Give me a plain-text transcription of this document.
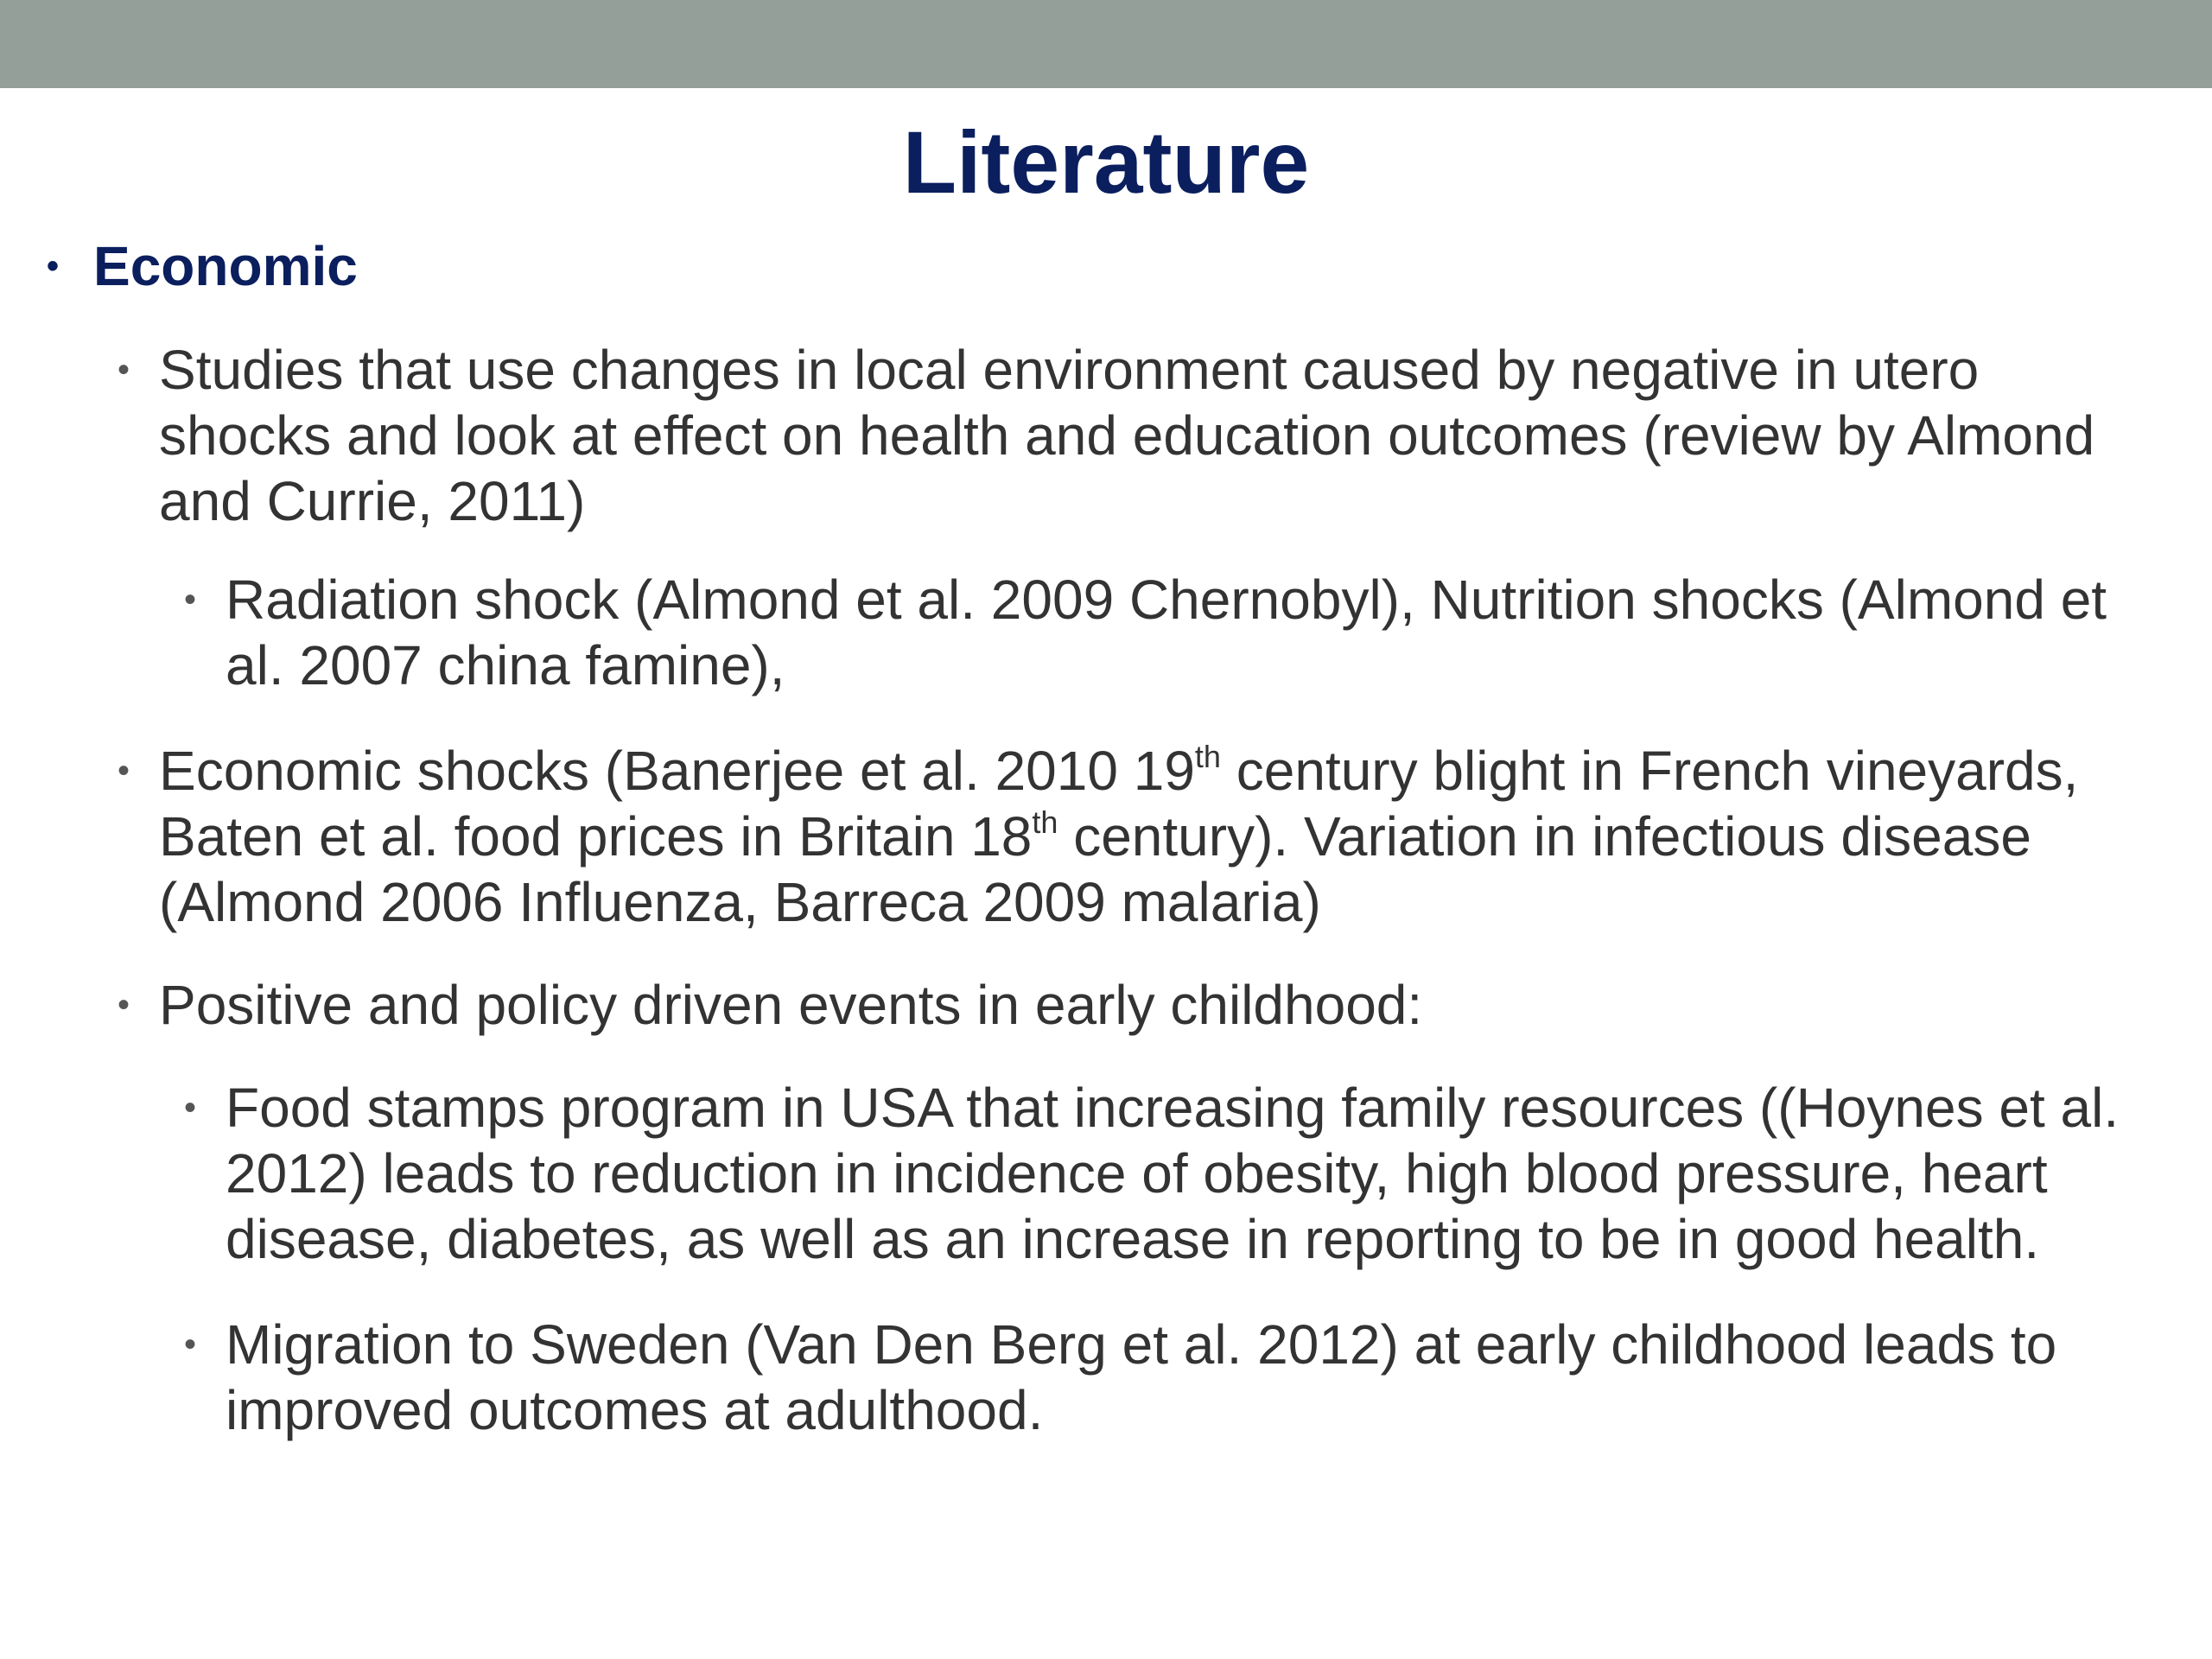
Literature
• Economic
• Studies that use changes in local environment caused by negative in utero shocks and look at effect on health and education outcomes (review by Almond and Currie, 2011)
• Radiation shock (Almond et al. 2009 Chernobyl), Nutrition shocks (Almond et al. 2007 china famine),
• Economic shocks (Banerjee et al. 2010 19th century blight in French vineyards, Baten et al. food prices in Britain 18th century). Variation in infectious disease (Almond 2006 Influenza, Barreca 2009 malaria)
• Positive and policy driven events in early childhood:
• Food stamps program in USA that increasing family resources ((Hoynes et al. 2012) leads to reduction in incidence of obesity, high blood pressure, heart disease, diabetes, as well as an increase in reporting to be in good health.
• Migration to Sweden (Van Den Berg et al. 2012) at early childhood leads to improved outcomes at adulthood.
